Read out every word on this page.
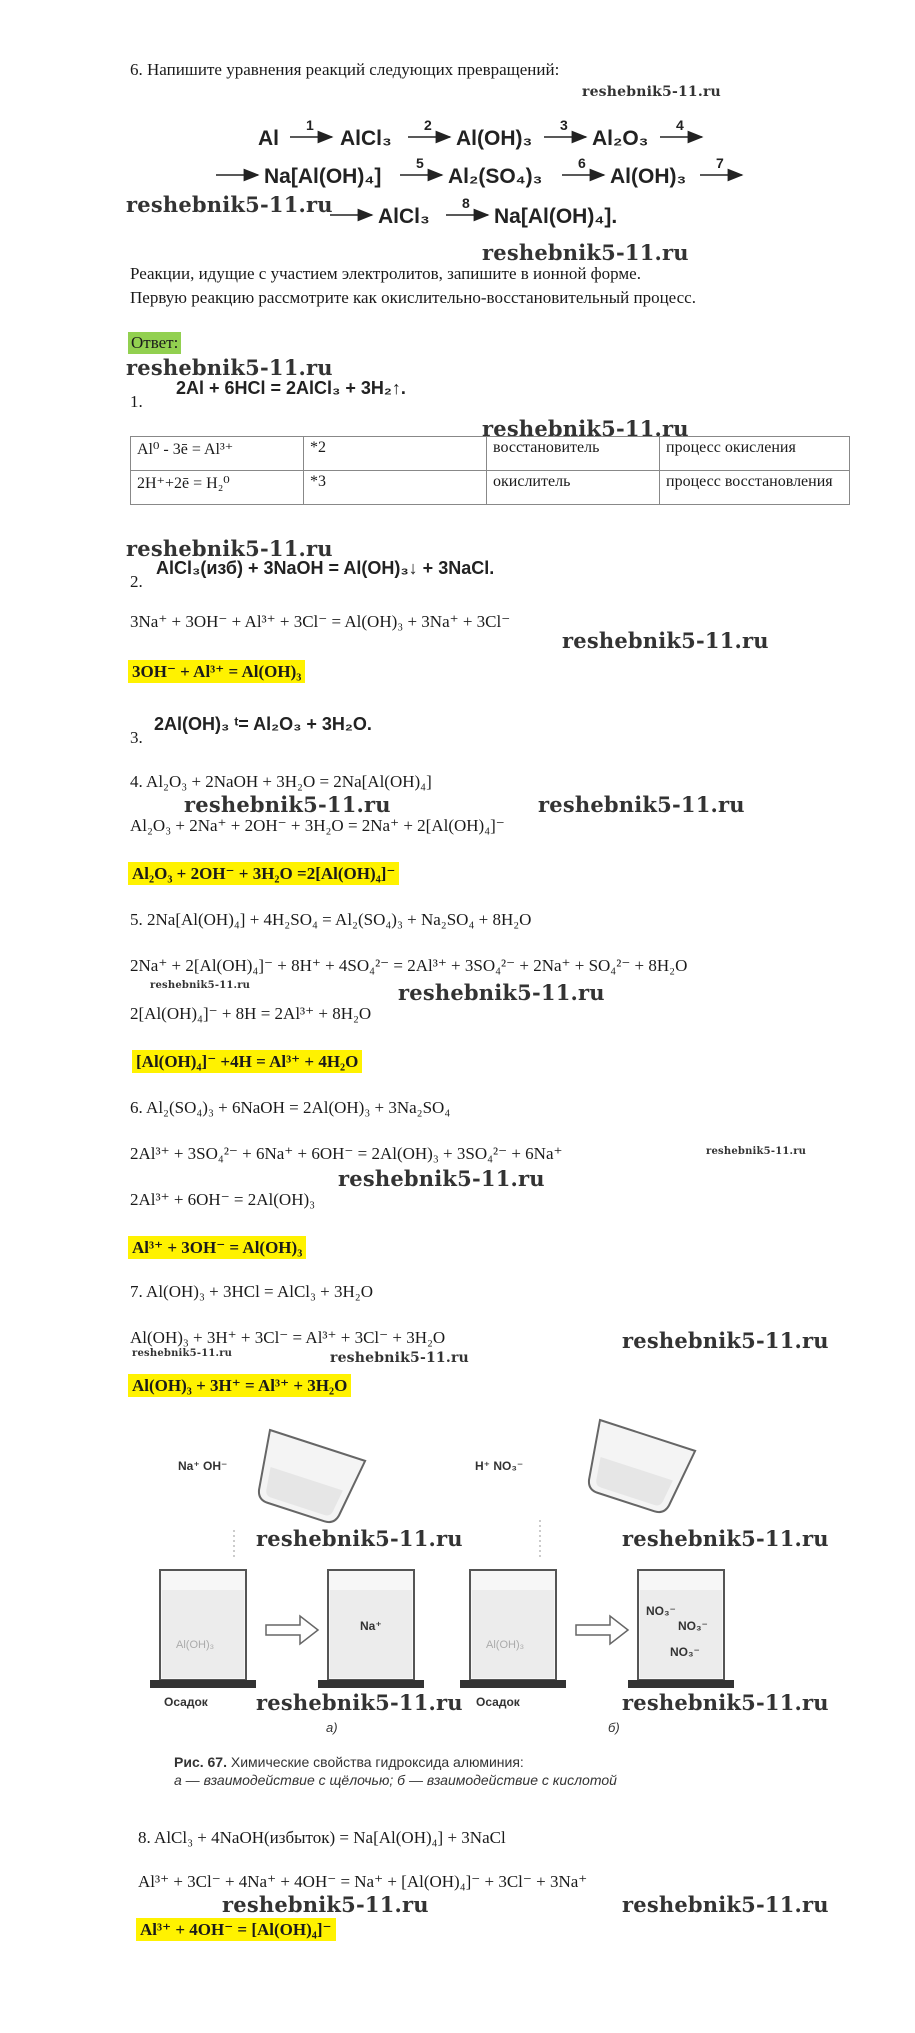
6. Напишите уравнения реакций следующих превращений:
reshebnik5-11.ru
Al
1
AlCl₃
2
Al(OH)₃
3
Al₂O₃
4
Na[Al(OH)₄]
5
Al₂(SO₄)₃
6
Al(OH)₃
7
AlCl₃
8
Na[Al(OH)₄].
reshebnik5-11.ru
reshebnik5-11.ru
Реакции, идущие с участием электролитов, запишите в ионной форме.
Первую реакцию рассмотрите как окислительно-восстановительный процесс.
Ответ:
reshebnik5-11.ru
1.
2Al + 6HCl = 2AlCl₃ + 3H₂↑.
reshebnik5-11.ru
Al⁰ - 3ē = Al³⁺	*2	восстановитель	процесс окисления
2H⁺+2ē = H₂⁰	*3	окислитель	процесс восстановления
reshebnik5-11.ru
2.
AlCl₃(изб) + 3NaOH = Al(OH)₃↓ + 3NaCl.
3Na⁺ + 3OH⁻ + Al³⁺ + 3Cl⁻ = Al(OH)₃ + 3Na⁺ + 3Cl⁻
reshebnik5-11.ru
3OH⁻ + Al³⁺ = Al(OH)₃
3.
2Al(OH)₃ ᵗ= Al₂O₃ + 3H₂O.
4. Al₂O₃ + 2NaOH + 3H₂O = 2Na[Al(OH)₄]
reshebnik5-11.ru	reshebnik5-11.ru
Al₂O₃ + 2Na⁺ + 2OH⁻ + 3H₂O = 2Na⁺ + 2[Al(OH)₄]⁻
Al₂O₃ + 2OH⁻ + 3H₂O =2[Al(OH)₄]⁻
5. 2Na[Al(OH)₄] + 4H₂SO₄ = Al₂(SO₄)₃ + Na₂SO₄ + 8H₂O
2Na⁺ + 2[Al(OH)₄]⁻ + 8H⁺ + 4SO₄²⁻ = 2Al³⁺ + 3SO₄²⁻ + 2Na⁺ + SO₄²⁻ + 8H₂O
reshebnik5-11.ru	reshebnik5-11.ru
2[Al(OH)₄]⁻ + 8H = 2Al³⁺ + 8H₂O
[Al(OH)₄]⁻ +4H = Al³⁺ + 4H₂O
6. Al₂(SO₄)₃ + 6NaOH = 2Al(OH)₃ + 3Na₂SO₄
2Al³⁺ + 3SO₄²⁻ + 6Na⁺ + 6OH⁻ = 2Al(OH)₃ + 3SO₄²⁻ + 6Na⁺	reshebnik5-11.ru
reshebnik5-11.ru
2Al³⁺ + 6OH⁻ = 2Al(OH)₃
Al³⁺ + 3OH⁻ = Al(OH)₃
7. Al(OH)₃ + 3HCl = AlCl₃ + 3H₂O
Al(OH)₃ + 3H⁺ + 3Cl⁻ = Al³⁺ + 3Cl⁻ + 3H₂O	reshebnik5-11.ru
reshebnik5-11.ru	reshebnik5-11.ru
Al(OH)₃ + 3H⁺ = Al³⁺ + 3H₂O
Na⁺ OH⁻	H⁺ NO₃⁻
Al(OH)₃
Na⁺
Al(OH)₃
NO₃⁻
NO₃⁻
NO₃⁻
Осадок	Осадок
а)	б)
reshebnik5-11.ru	reshebnik5-11.ru
reshebnik5-11.ru	reshebnik5-11.ru
Рис. 67. Химические свойства гидроксида алюминия:
а — взаимодействие с щёлочью; б — взаимодействие с кислотой
8. AlCl₃ + 4NaOH(избыток) = Na[Al(OH)₄] + 3NaCl
Al³⁺ + 3Cl⁻ + 4Na⁺ + 4OH⁻ = Na⁺ + [Al(OH)₄]⁻ + 3Cl⁻ + 3Na⁺
reshebnik5-11.ru	reshebnik5-11.ru
Al³⁺ + 4OH⁻ = [Al(OH)₄]⁻
